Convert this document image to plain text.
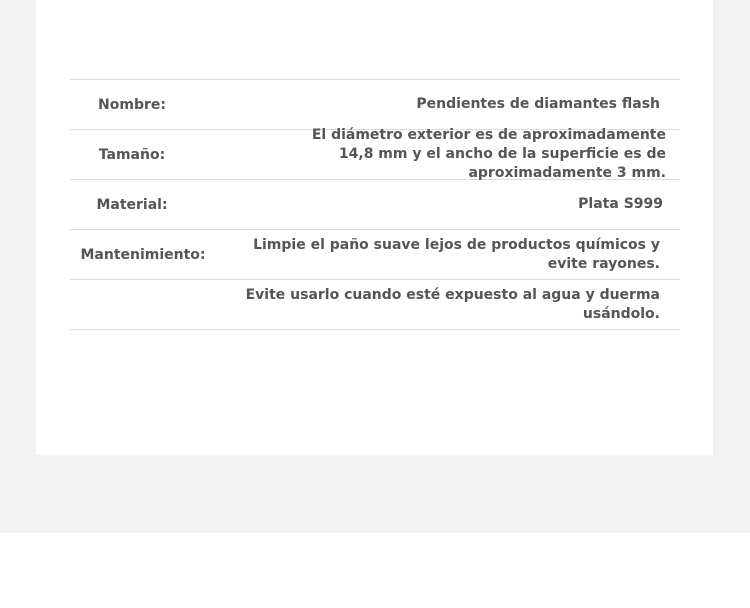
Nombre:	Pendientes de diamantes flash
Tamaño:
El diámetro exterior es de aproximadamente 14,8 mm y el ancho de la superficie es de aproximadamente 3 mm.
Material:	Plata S999
Mantenimiento:
Limpie el paño suave lejos de productos químicos y evite rayones.
Evite usarlo cuando esté expuesto al agua y duerma usándolo.
